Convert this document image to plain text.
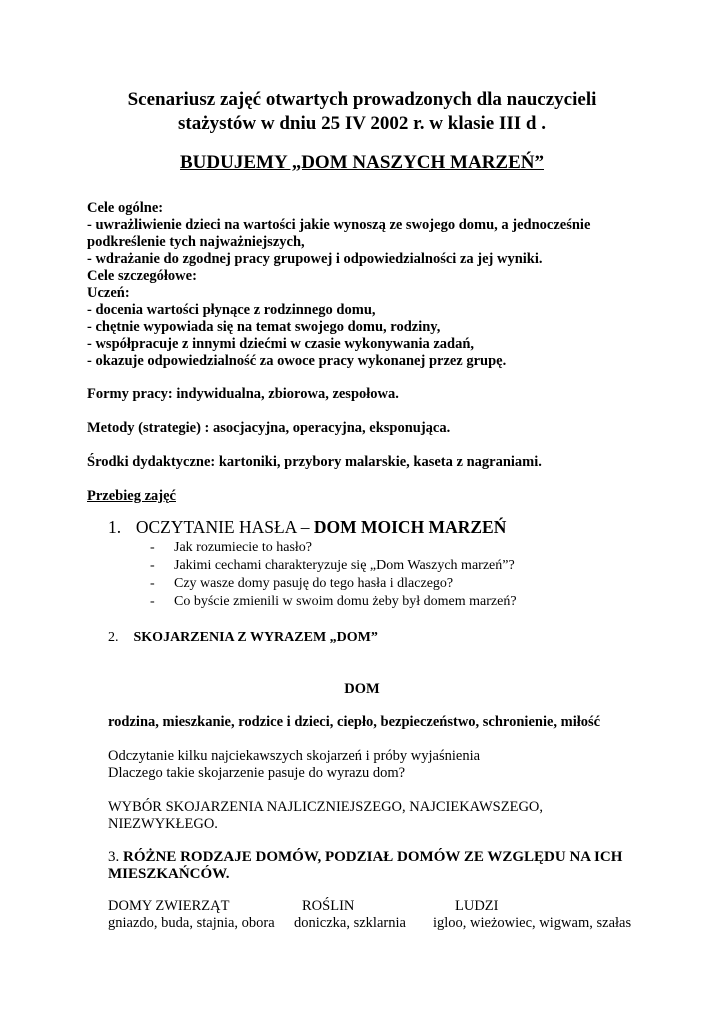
Scenariusz zajęć otwartych prowadzonych dla nauczycieli
stażystów w dniu 25 IV 2002 r. w klasie III d .
BUDUJEMY „DOM NASZYCH MARZEŃ”
Cele ogólne:
- uwrażliwienie dzieci na wartości jakie wynoszą ze swojego domu, a jednocześnie
podkreślenie tych najważniejszych,
- wdrażanie do zgodnej pracy grupowej i odpowiedzialności za jej wyniki.
Cele szczegółowe:
Uczeń:
- docenia wartości płynące z rodzinnego domu,
- chętnie wypowiada się na temat swojego domu, rodziny,
- współpracuje z innymi dziećmi w czasie wykonywania zadań,
- okazuje odpowiedzialność za owoce pracy wykonanej przez grupę.
Formy pracy: indywidualna, zbiorowa, zespołowa.
Metody (strategie) : asocjacyjna, operacyjna, eksponująca.
Środki dydaktyczne: kartoniki, przybory malarskie, kaseta z nagraniami.
Przebieg zajęć
1. OCZYTANIE HASŁA – DOM MOICH MARZEŃ
- Jak rozumiecie to hasło?
- Jakimi cechami charakteryzuje się „Dom Waszych marzeń”?
- Czy wasze domy pasuję do tego hasła i dlaczego?
- Co byście zmienili w swoim domu żeby był domem marzeń?
2. SKOJARZENIA Z WYRAZEM „DOM”
DOM
rodzina, mieszkanie, rodzice i dzieci, ciepło, bezpieczeństwo, schronienie, miłość
Odczytanie kilku najciekawszych skojarzeń i próby wyjaśnienia
Dlaczego takie skojarzenie pasuje do wyrazu dom?
WYBÓR SKOJARZENIA NAJLICZNIEJSZEGO, NAJCIEKAWSZEGO,
NIEZWYKŁEGO.
3. RÓŻNE RODZAJE DOMÓW, PODZIAŁ DOMÓW ZE WZGLĘDU NA ICH
MIESZKAŃCÓW.
DOMY ZWIERZĄT	ROŚLIN	LUDZI
gniazdo, buda, stajnia, obora doniczka, szklarnia igloo, wieżowiec, wigwam, szałas
